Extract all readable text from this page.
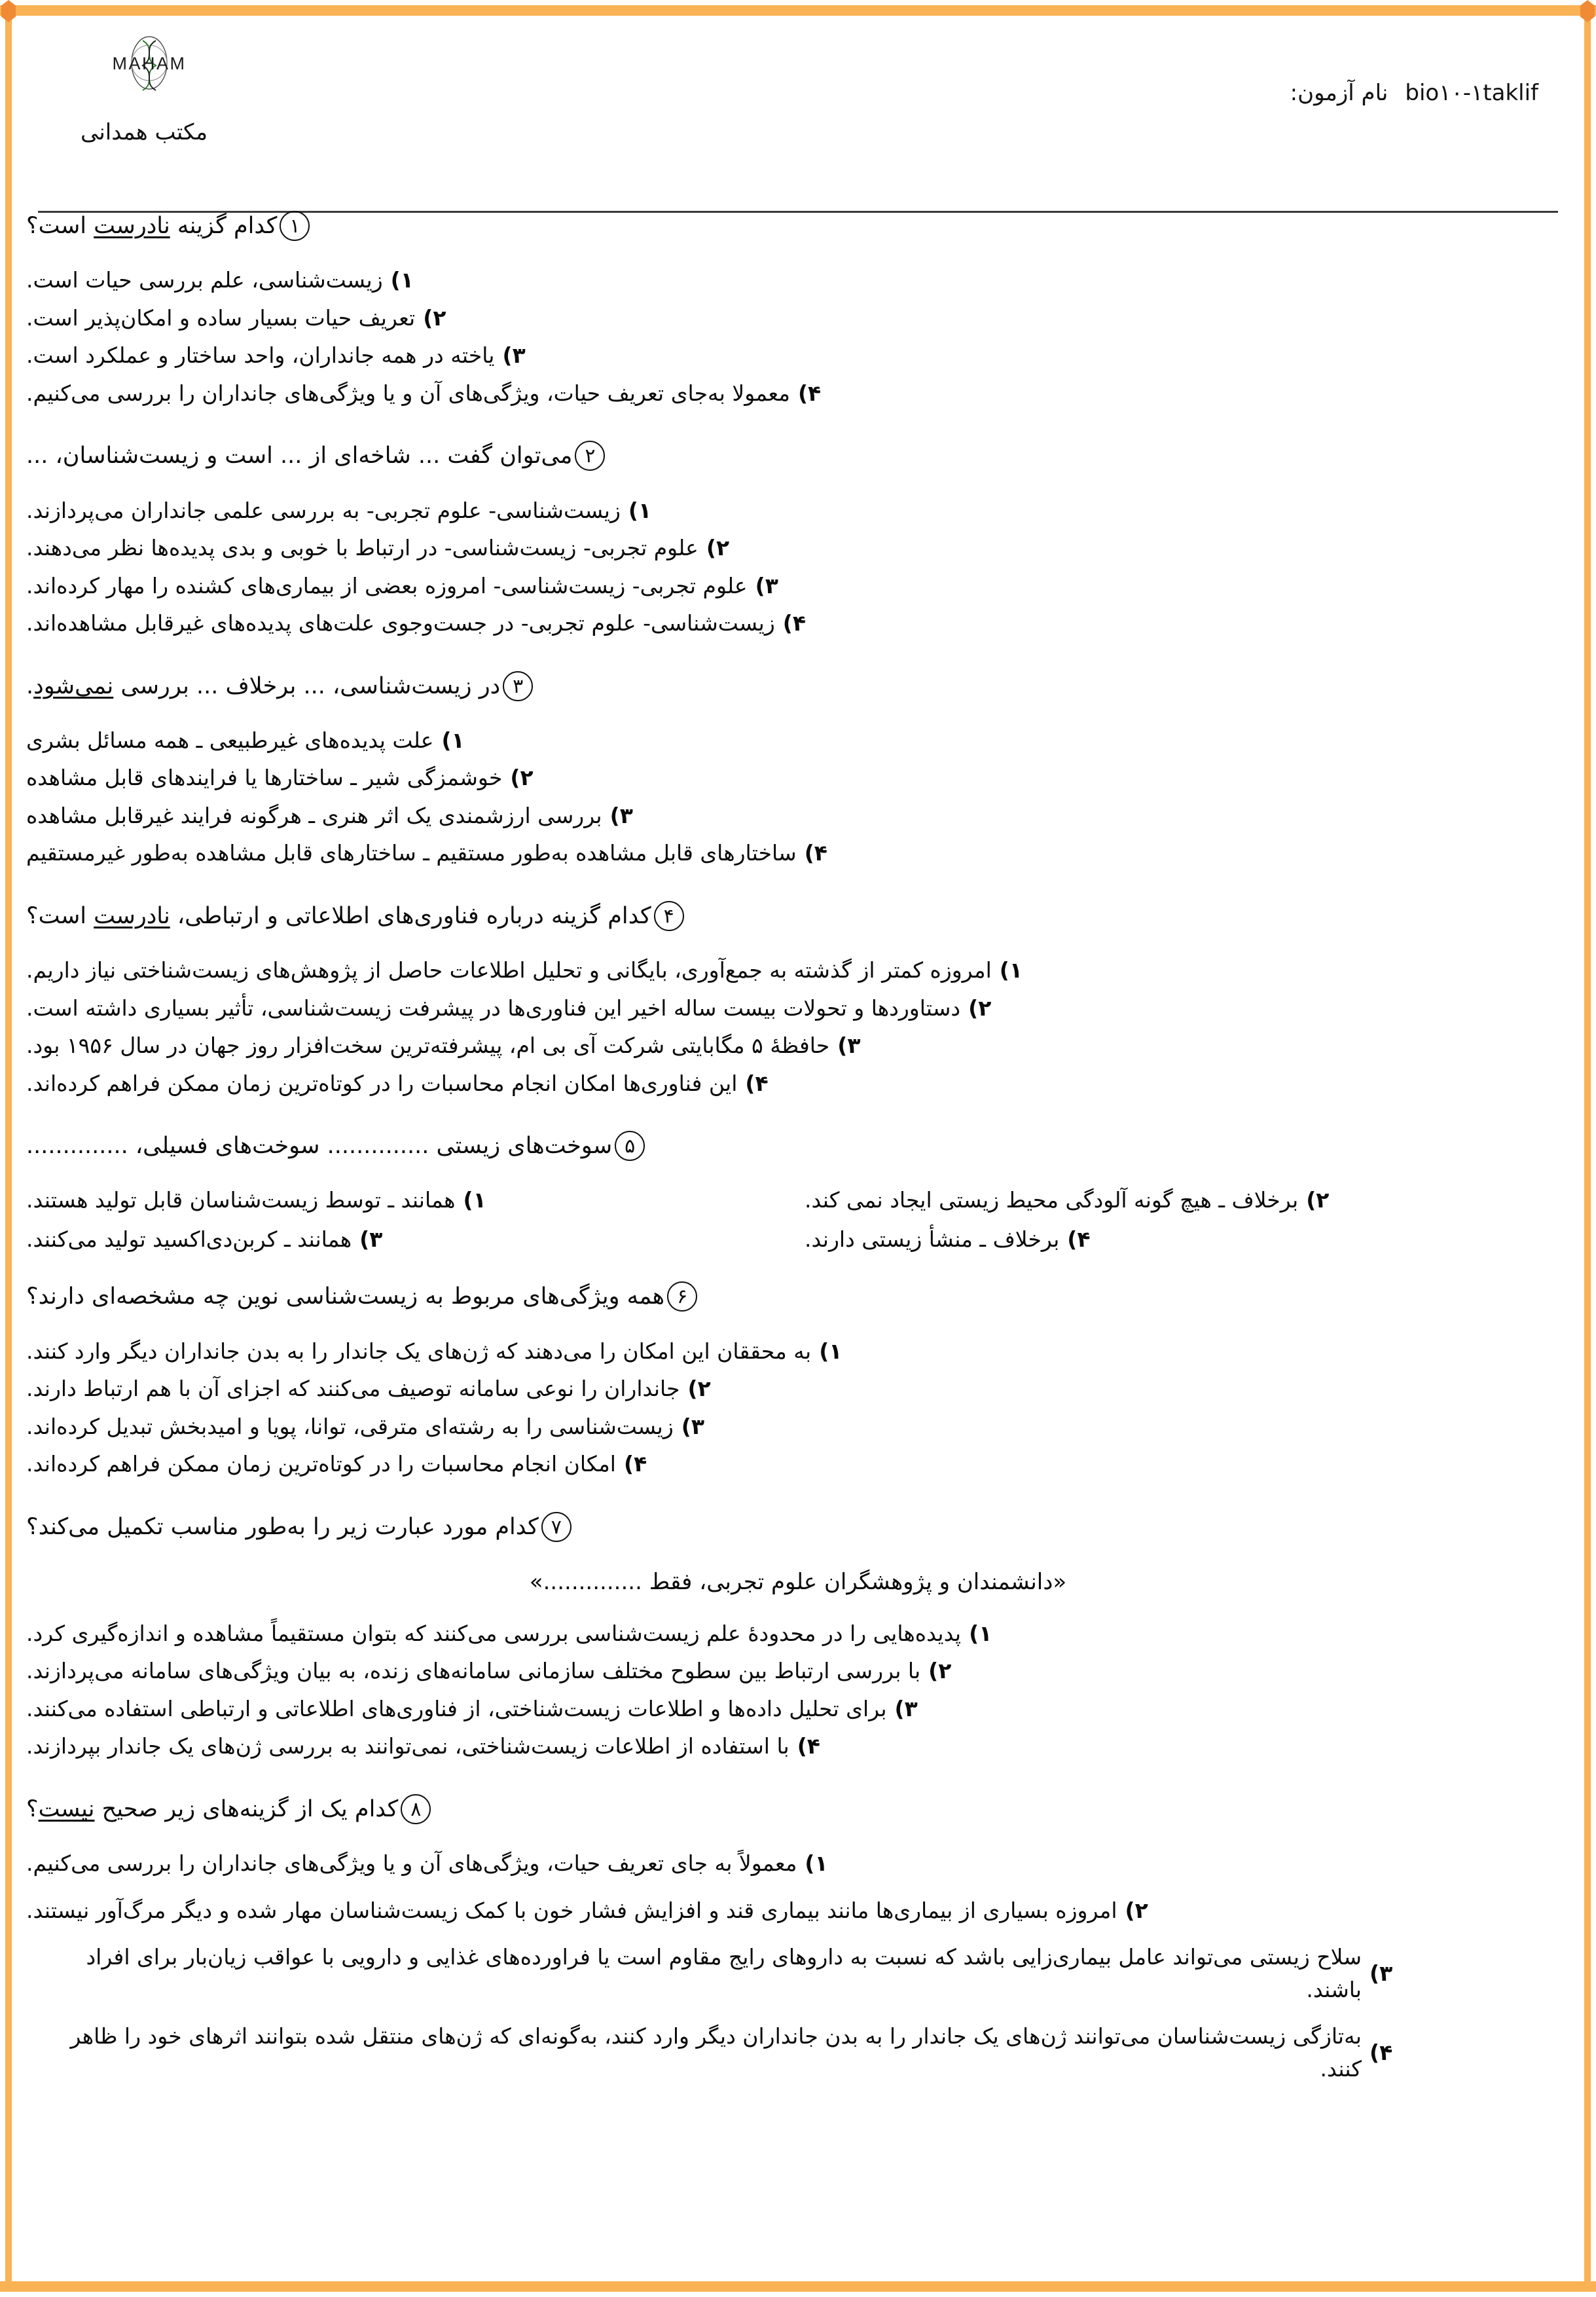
MAHAM
bio۱۰-۱taklifنام آزمون:
مکتب همدانی
۱
کدام گزینه نادرست است؟
۱)
زیست‌شناسی، علم بررسی حیات است.
۲)
تعریف حیات بسیار ساده و امکان‌پذیر است.
۳)
یاخته در همه جانداران، واحد ساختار و عملکرد است.
۴)
معمولا به‌جای تعریف حیات، ویژگی‌های آن و یا ویژگی‌های جانداران را بررسی می‌کنیم.
۲
می‌توان گفت ... شاخه‌ای از ... است و زیست‌شناسان، ...
۱)
زیست‌شناسی- علوم تجربی- به بررسی علمی جانداران می‌پردازند.
۲)
علوم تجربی- زیست‌شناسی- در ارتباط با خوبی و بدی پدیده‌ها نظر می‌دهند.
۳)
علوم تجربی- زیست‌شناسی- امروزه بعضی از بیماری‌های کشنده را مهار کرده‌اند.
۴)
زیست‌شناسی- علوم تجربی- در جست‌وجوی علت‌های پدیده‌های غیرقابل مشاهده‌اند.
۳
در زیست‌شناسی، ... برخلاف ... بررسی نمی‌شود.
۱)
علت پدیده‌های غیرطبیعی ـ همه مسائل بشری
۲)
خوشمزگی شیر ـ ساختارها یا فرایندهای قابل مشاهده
۳)
بررسی ارزشمندی یک اثر هنری ـ هرگونه فرایند غیرقابل مشاهده
۴)
ساختارهای قابل مشاهده به‌طور مستقیم ـ ساختارهای قابل مشاهده به‌طور غیرمستقیم
۴
کدام گزینه درباره فناوری‌های اطلاعاتی و ارتباطی، نادرست است؟
۱)
امروزه کمتر از گذشته به جمع‌آوری، بایگانی و تحلیل اطلاعات حاصل از پژوهش‌های زیست‌شناختی نیاز داریم.
۲)
دستاوردها و تحولات بیست ساله اخیر این فناوری‌ها در پیشرفت زیست‌شناسی، تأثیر بسیاری داشته است.
۳)
حافظۀ ۵ مگابایتی شرکت آی بی ام، پیشرفته‌ترین سخت‌افزار روز جهان در سال ۱۹۵۶ بود.
۴)
این فناوری‌ها امکان انجام محاسبات را در کوتاه‌ترین زمان ممکن فراهم کرده‌اند.
۵
سوخت‌های زیستی .............. سوخت‌های فسیلی، ..............
۲)
برخلاف ـ هیچ گونه آلودگی محیط زیستی ایجاد نمی کند.
۱)
همانند ـ توسط زیست‌شناسان قابل تولید هستند.
۴)
برخلاف ـ منشأ زیستی دارند.
۳)
همانند ـ کربن‌دی‌اکسید تولید می‌کنند.
۶
همه ویژگی‌های مربوط به زیست‌شناسی نوین چه مشخصه‌ای دارند؟
۱)
به محققان این امکان را می‌دهند که ژن‌های یک جاندار را به بدن جانداران دیگر وارد کنند.
۲)
جانداران را نوعی سامانه توصیف می‌کنند که اجزای آن با هم ارتباط دارند.
۳)
زیست‌شناسی را به رشته‌ای مترقی، توانا، پویا و امیدبخش تبدیل کرده‌اند.
۴)
امکان انجام محاسبات را در کوتاه‌ترین زمان ممکن فراهم کرده‌اند.
۷
کدام مورد عبارت زیر را به‌طور مناسب تکمیل می‌کند؟
«دانشمندان و پژوهشگران علوم تجربی، فقط ..............»
۱)
پدیده‌هایی را در محدودۀ علم زیست‌شناسی بررسی می‌کنند که بتوان مستقیماً مشاهده و اندازه‌گیری کرد.
۲)
با بررسی ارتباط بین سطوح مختلف سازمانی سامانه‌های زنده، به بیان ویژگی‌های سامانه می‌پردازند.
۳)
برای تحلیل داده‌ها و اطلاعات زیست‌شناختی، از فناوری‌های اطلاعاتی و ارتباطی استفاده می‌کنند.
۴)
با استفاده از اطلاعات زیست‌شناختی، نمی‌توانند به بررسی ژن‌های یک جاندار بپردازند.
۸
کدام یک از گزینه‌های زیر صحیح نیست؟
۱)
معمولاً به جای تعریف حیات، ویژگی‌های آن و یا ویژگی‌های جانداران را بررسی می‌کنیم.
۲)
امروزه بسیاری از بیماری‌ها مانند بیماری قند و افزایش فشار خون با کمک زیست‌شناسان مهار شده و دیگر مرگ‌آور نیستند.
۳)
سلاح زیستی می‌تواند عامل بیماری‌زایی باشد که نسبت به داروهای رایج مقاوم است یا فراورده‌های غذایی و دارویی با عواقب زیان‌بار برای افراد باشند.
۴)
به‌تازگی زیست‌شناسان می‌توانند ژن‌های یک جاندار را به بدن جانداران دیگر وارد کنند، به‌گونه‌ای که ژن‌های منتقل شده بتوانند اثرهای خود را ظاهر کنند.
